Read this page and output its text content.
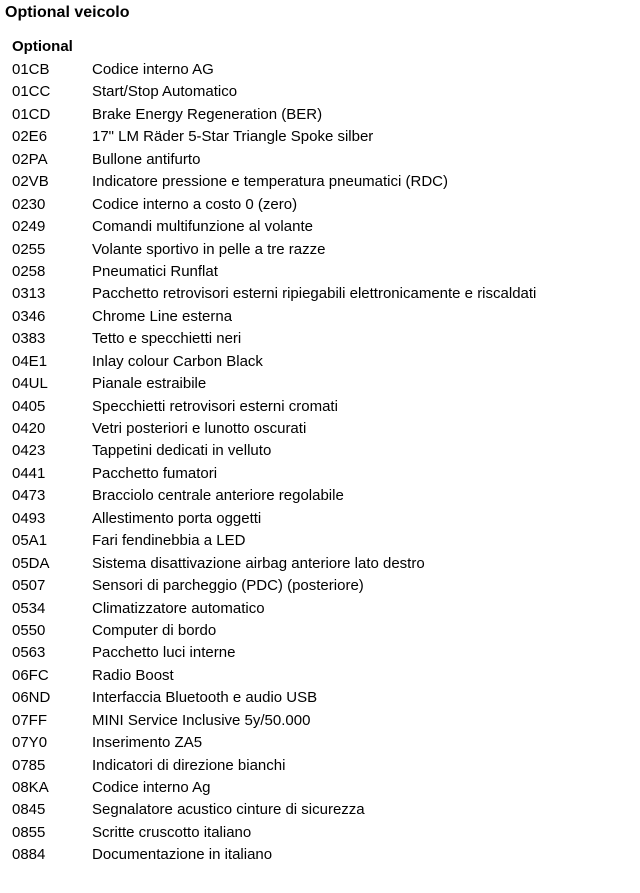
Optional veicolo
Optional
01CB	Codice interno AG
01CC	Start/Stop Automatico
01CD	Brake Energy Regeneration (BER)
02E6	17" LM Räder 5-Star Triangle Spoke silber
02PA	Bullone antifurto
02VB	Indicatore pressione e temperatura pneumatici (RDC)
0230	Codice interno a costo 0 (zero)
0249	Comandi multifunzione al volante
0255	Volante sportivo in pelle a tre razze
0258	Pneumatici Runflat
0313	Pacchetto retrovisori esterni ripiegabili elettronicamente e riscaldati
0346	Chrome Line esterna
0383	Tetto e specchietti neri
04E1	Inlay colour Carbon Black
04UL	Pianale estraibile
0405	Specchietti retrovisori esterni cromati
0420	Vetri posteriori e lunotto oscurati
0423	Tappetini dedicati in velluto
0441	Pacchetto fumatori
0473	Bracciolo centrale anteriore regolabile
0493	Allestimento porta oggetti
05A1	Fari fendinebbia a LED
05DA	Sistema disattivazione airbag anteriore lato destro
0507	Sensori di parcheggio (PDC) (posteriore)
0534	Climatizzatore automatico
0550	Computer di bordo
0563	Pacchetto luci interne
06FC	Radio Boost
06ND	Interfaccia Bluetooth e audio USB
07FF	MINI Service Inclusive 5y/50.000
07Y0	Inserimento ZA5
0785	Indicatori di direzione bianchi
08KA	Codice interno Ag
0845	Segnalatore acustico cinture di sicurezza
0855	Scritte cruscotto italiano
0884	Documentazione in italiano
